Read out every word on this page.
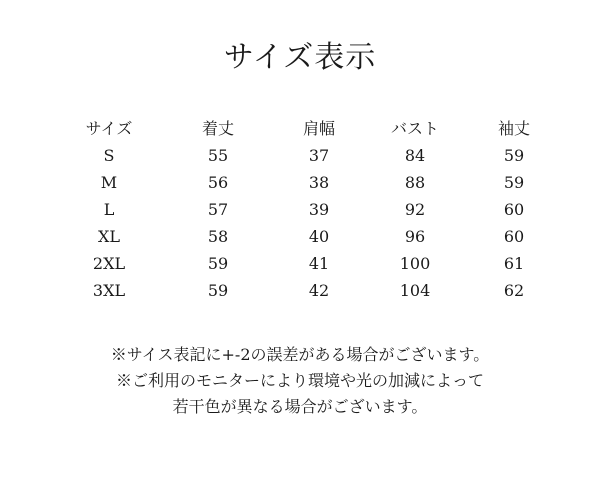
サイズ表示
サイズ	着丈	肩幅	バスト	袖丈
S	55	37	84	59
M	56	38	88	59
L	57	39	92	60
XL	58	40	96	60
2XL	59	41	100	61
3XL	59	42	104	62
※サイス表記に+-2の誤差がある場合がございます。
※ご利用のモニターにより環境や光の加減によって
若干色が異なる場合がございます。
